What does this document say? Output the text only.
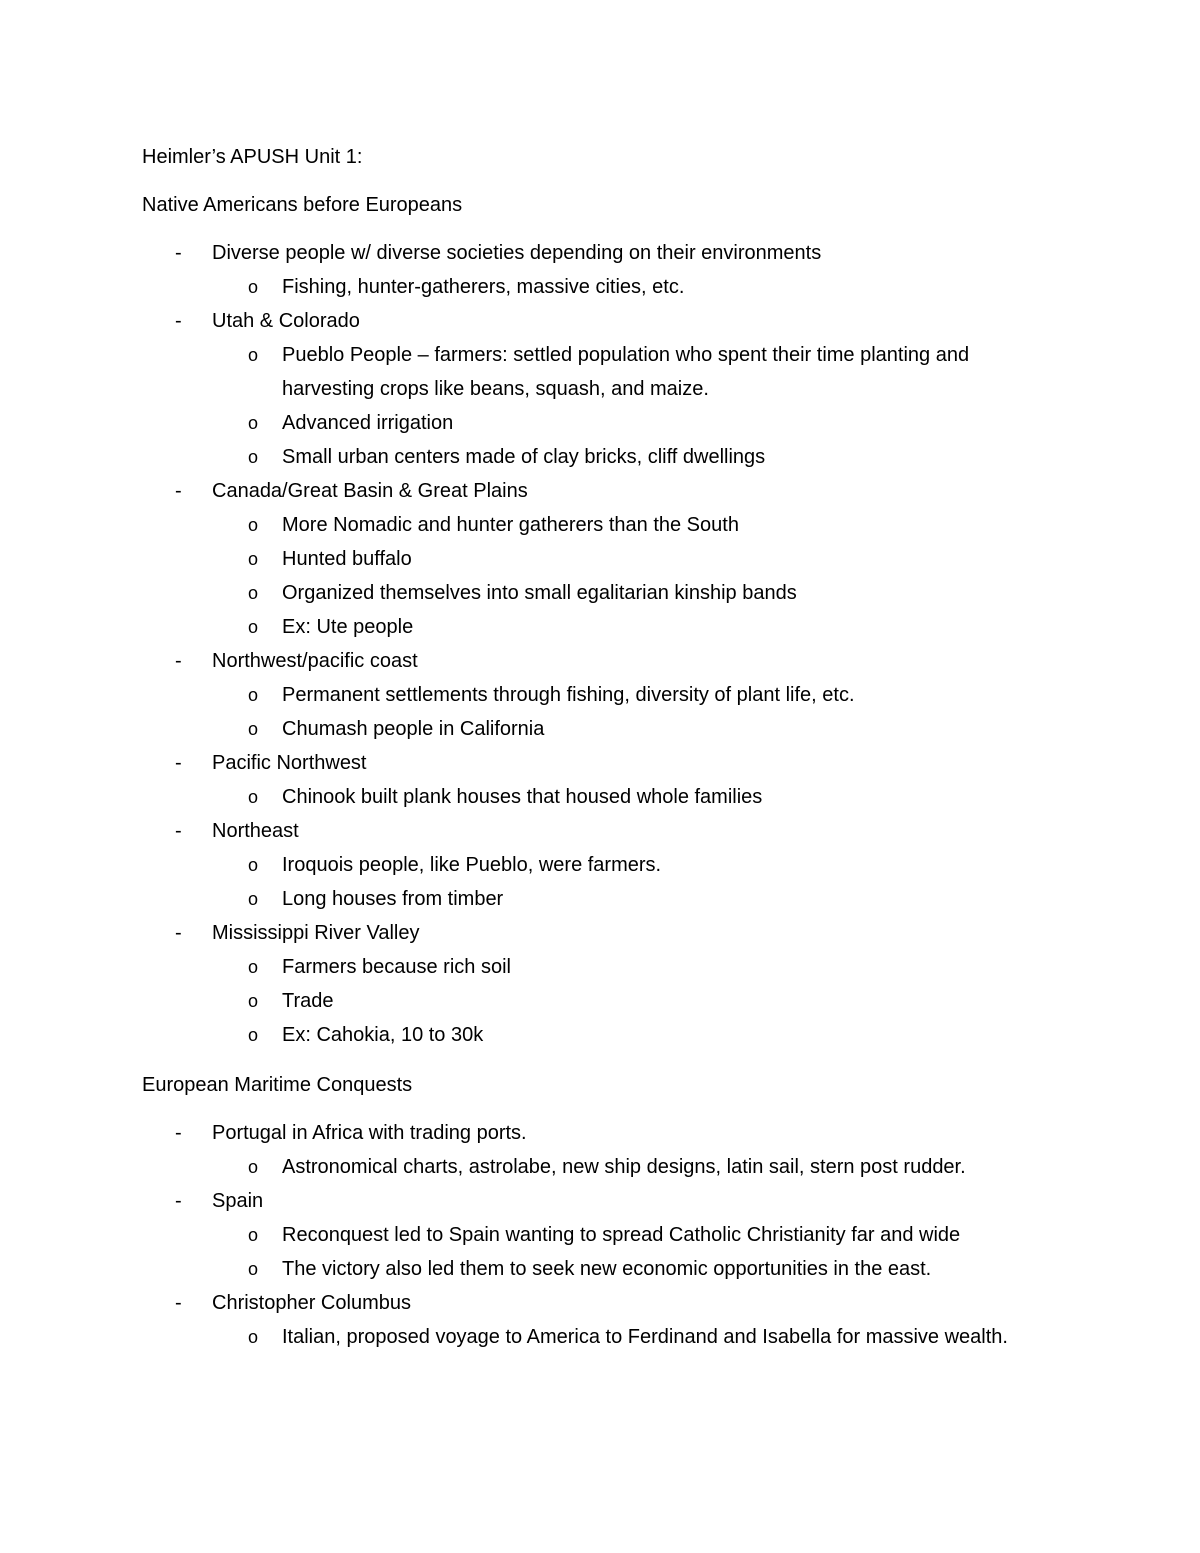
Heimler’s APUSH Unit 1:
Native Americans before Europeans
-	Diverse people w/ diverse societies depending on their environments
o	Fishing, hunter-gatherers, massive cities, etc.
-	Utah & Colorado
o	Pueblo People – farmers: settled population who spent their time planting and harvesting crops like beans, squash, and maize.
o	Advanced irrigation
o	Small urban centers made of clay bricks, cliff dwellings
-	Canada/Great Basin & Great Plains
o	More Nomadic and hunter gatherers than the South
o	Hunted buffalo
o	Organized themselves into small egalitarian kinship bands
o	Ex: Ute people
-	Northwest/pacific coast
o	Permanent settlements through fishing, diversity of plant life, etc.
o	Chumash people in California
-	Pacific Northwest
o	Chinook built plank houses that housed whole families
-	Northeast
o	Iroquois people, like Pueblo, were farmers.
o	Long houses from timber
-	Mississippi River Valley
o	Farmers because rich soil
o	Trade
o	Ex: Cahokia, 10 to 30k
European Maritime Conquests
-	Portugal in Africa with trading ports.
o	Astronomical charts, astrolabe, new ship designs, latin sail, stern post rudder.
-	Spain
o	Reconquest led to Spain wanting to spread Catholic Christianity far and wide
o	The victory also led them to seek new economic opportunities in the east.
-	Christopher Columbus
o	Italian, proposed voyage to America to Ferdinand and Isabella for massive wealth.
